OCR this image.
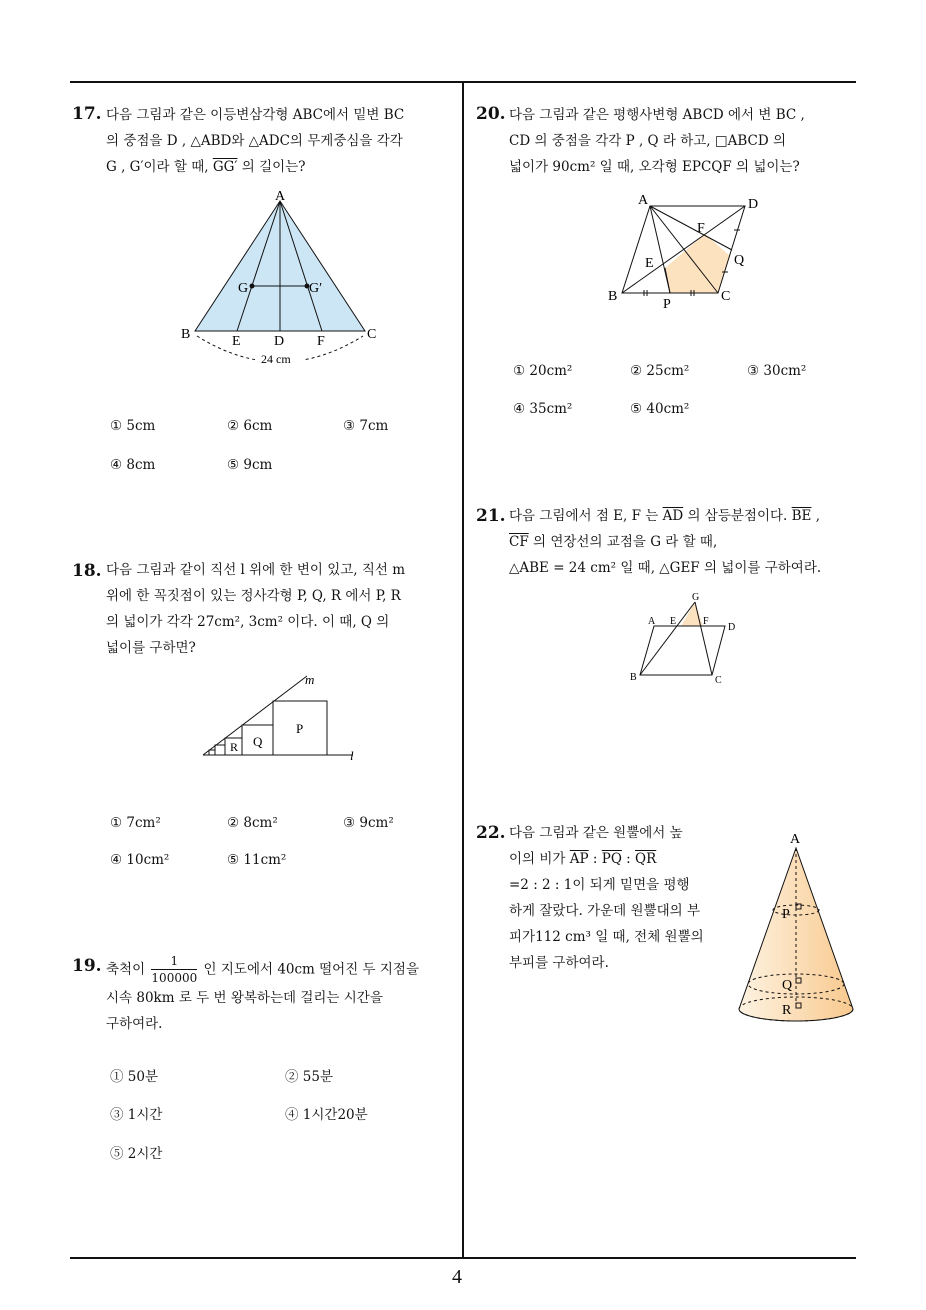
17. 다음 그림과 같은 이등변삼각형 ABC에서 밑변 BC
의 중점을 D , △ABD와 △ADC의 무게중심을 각각
G , G′이라 할 때, GG′ 의 길이는?
A
B	C
E D F
G	G′
24 cm
① 5cm	② 6cm	③ 7cm
④ 8cm	⑤ 9cm
18. 다음 그림과 같이 직선 l 위에 한 변이 있고, 직선 m
위에 한 꼭짓점이 있는 정사각형 P, Q, R 에서 P, R
의 넓이가 각각 27cm², 3cm² 이다. 이 때, Q 의
넓이를 구하면?
P
Q
R
m
l
① 7cm²	② 8cm²	③ 9cm²
④ 10cm²	⑤ 11cm²
19. 축척이 $\frac{1}{100000}$ 인 지도에서 40cm 떨어진 두 지점을
시속 80km 로 두 번 왕복하는데 걸리는 시간을
구하여라.
① 50분	② 55분
③ 1시간	④ 1시간20분
⑤ 2시간
20. 다음 그림과 같은 평행사변형 ABCD 에서 변 BC ,
CD 의 중점을 각각 P , Q 라 하고, □ABCD 의
넓이가 90cm² 일 때, 오각형 EPCQF 의 넓이는?
A	D
F
Q
E
B
P
C
① 20cm²	② 25cm²	③ 30cm²
④ 35cm²	⑤ 40cm²
21. 다음 그림에서 점 E, F 는 $\overline{AD}$ 의 삼등분점이다. $\overline{BE}$ ,
$\overline{CF}$ 의 연장선의 교점을 G 라 할 때,
△ABE = 24 cm² 일 때, △GEF 의 넓이를 구하여라.
G
A E	F
D
B	C
22. 다음 그림과 같은 원뿔에서 높
이의 비가 $\overline{AP}$ : $\overline{PQ}$ : $\overline{QR}$
=2 : 2 : 1이 되게 밑면을 평행
하게 잘랐다. 가운데 원뿔대의 부
피가112 cm³ 일 때, 전체 원뿔의
부피를 구하여라.
A
P
Q
R
4
